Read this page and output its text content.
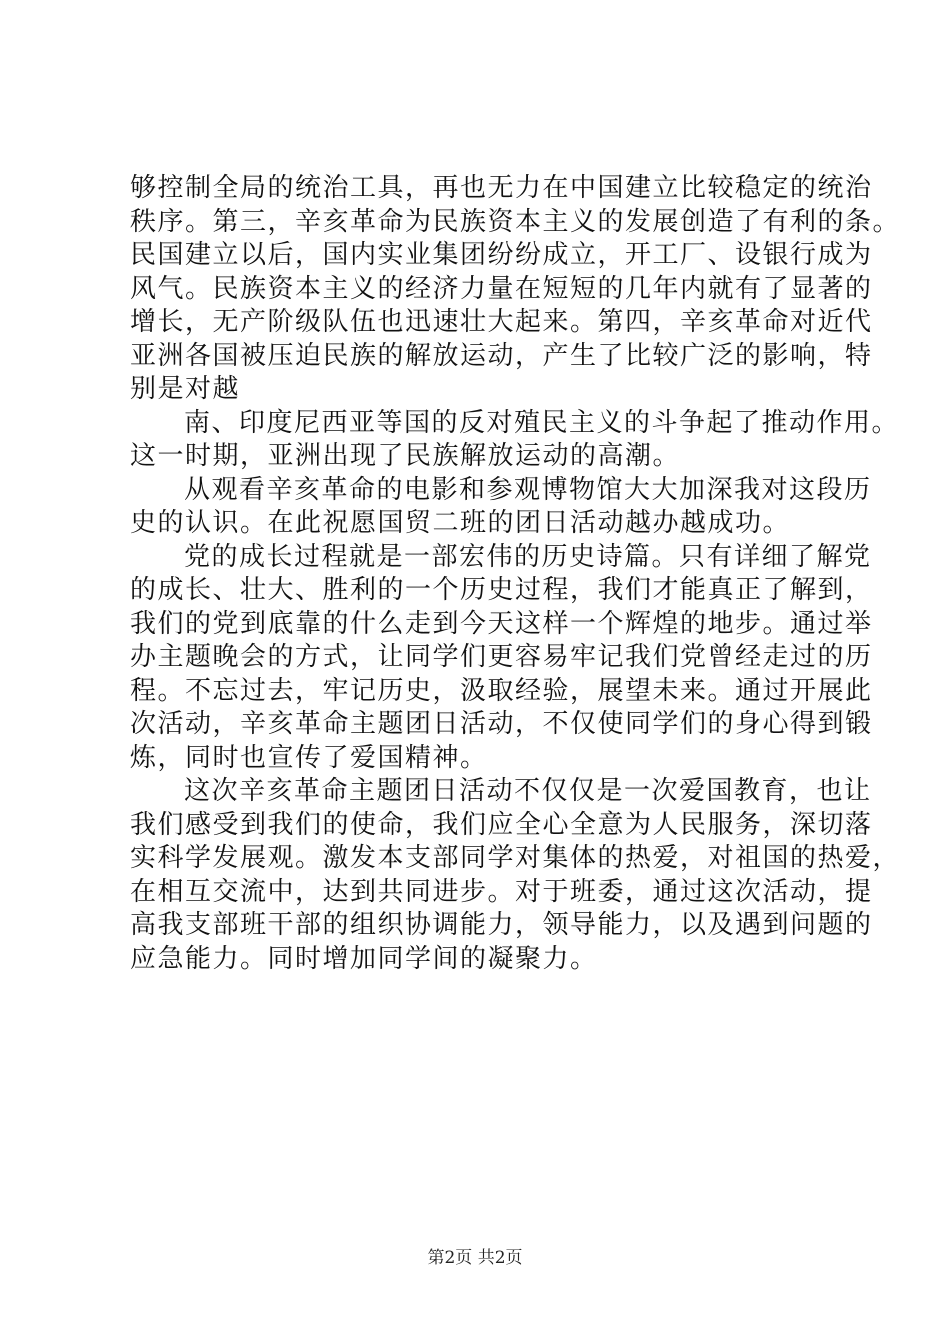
够控制全局的统治工具，再也无力在中国建立比较稳定的统治
秩序。第三，辛亥革命为民族资本主义的发展创造了有利的条。
民国建立以后，国内实业集团纷纷成立，开工厂、设银行成为
风气。民族资本主义的经济力量在短短的几年内就有了显著的
增长，无产阶级队伍也迅速壮大起来。第四，辛亥革命对近代
亚洲各国被压迫民族的解放运动，产生了比较广泛的影响，特
别是对越

南、印度尼西亚等国的反对殖民主义的斗争起了推动作用。
这一时期，亚洲出现了民族解放运动的高潮。

从观看辛亥革命的电影和参观博物馆大大加深我对这段历
史的认识。在此祝愿国贸二班的团日活动越办越成功。

党的成长过程就是一部宏伟的历史诗篇。只有详细了解党
的成长、壮大、胜利的一个历史过程，我们才能真正了解到，
我们的党到底靠的什么走到今天这样一个辉煌的地步。通过举
办主题晚会的方式，让同学们更容易牢记我们党曾经走过的历
程。不忘过去，牢记历史，汲取经验，展望未来。通过开展此
次活动，辛亥革命主题团日活动，不仅使同学们的身心得到锻
炼，同时也宣传了爱国精神。

这次辛亥革命主题团日活动不仅仅是一次爱国教育，也让
我们感受到我们的使命，我们应全心全意为人民服务，深切落
实科学发展观。激发本支部同学对集体的热爱，对祖国的热爱，
在相互交流中，达到共同进步。对于班委，通过这次活动，提
高我支部班干部的组织协调能力，领导能力，以及遇到问题的
应急能力。同时增加同学间的凝聚力。

第2页 共2页
